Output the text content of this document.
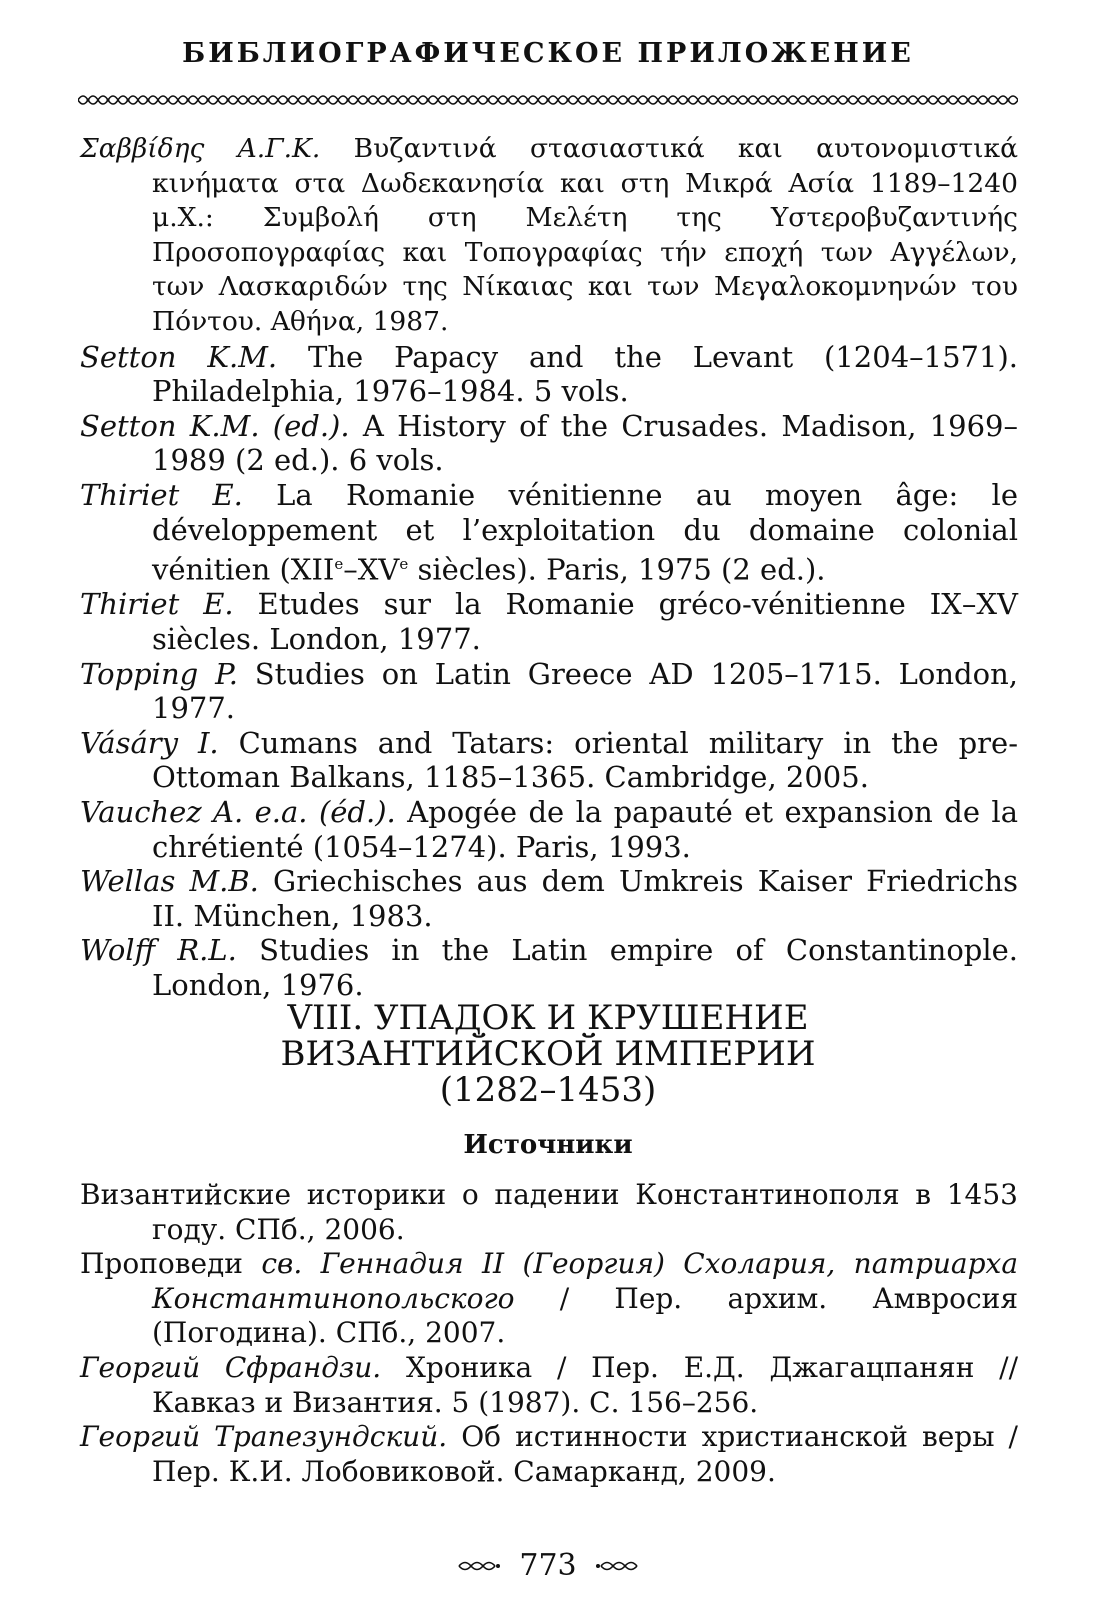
БИБЛИОГРАФИЧЕСКОЕ ПРИЛОЖЕНИЕ
Σαββίδης Α.Γ.Κ. Βυζαντινά στασιαστικά και αυτονομιστικά κινήματα στα Δωδεκανησία και στη Μικρά Ασία 1189–1240 μ.Χ.: Συμβολή στη Μελέτη της Υστεροβυζαντινής Προσοπογραφίας και Τοπογραφίας τήν εποχή των Αγγέλων, των Λασκαριδών της Νίκαιας και των Μεγαλοκομνηνών του Πόντου. Αθήνα, 1987.
Setton K.M. The Papacy and the Levant (1204–1571). Philadelphia, 1976–1984. 5 vols.
Setton K.M. (ed.). A History of the Crusades. Madison, 1969–1989 (2 ed.). 6 vols.
Thiriet E. La Romanie vénitienne au moyen âge: le développement et l’exploitation du domaine colonial vénitien (XIIe–XVe siècles). Paris, 1975 (2 ed.).
Thiriet E. Etudes sur la Romanie gréco-vénitienne IX–XV siècles. London, 1977.
Topping P. Studies on Latin Greece AD 1205–1715. London, 1977.
Vásáry I. Cumans and Tatars: oriental military in the pre-Ottoman Balkans, 1185–1365. Cambridge, 2005.
Vauchez A. e.a. (éd.). Apogée de la papauté et expansion de la chrétienté (1054–1274). Paris, 1993.
Wellas M.B. Griechisches aus dem Umkreis Kaiser Friedrichs II. München, 1983.
Wolff R.L. Studies in the Latin empire of Constantinople. London, 1976.
VIII. УПАДОК И КРУШЕНИЕ
ВИЗАНТИЙСКОЙ ИМПЕРИИ
(1282–1453)
Источники
Византийские историки о падении Константинополя в 1453 году. СПб., 2006.
Проповеди св. Геннадия II (Георгия) Схолария, патриарха Константинопольского / Пер. архим. Амвросия (Погодина). СПб., 2007.
Георгий Сфрандзи. Хроника / Пер. Е.Д. Джагацпанян // Кавказ и Византия. 5 (1987). С. 156–256.
Георгий Трапезундский. Об истинности христианской веры / Пер. К.И. Лобовиковой. Самарканд, 2009.
773
